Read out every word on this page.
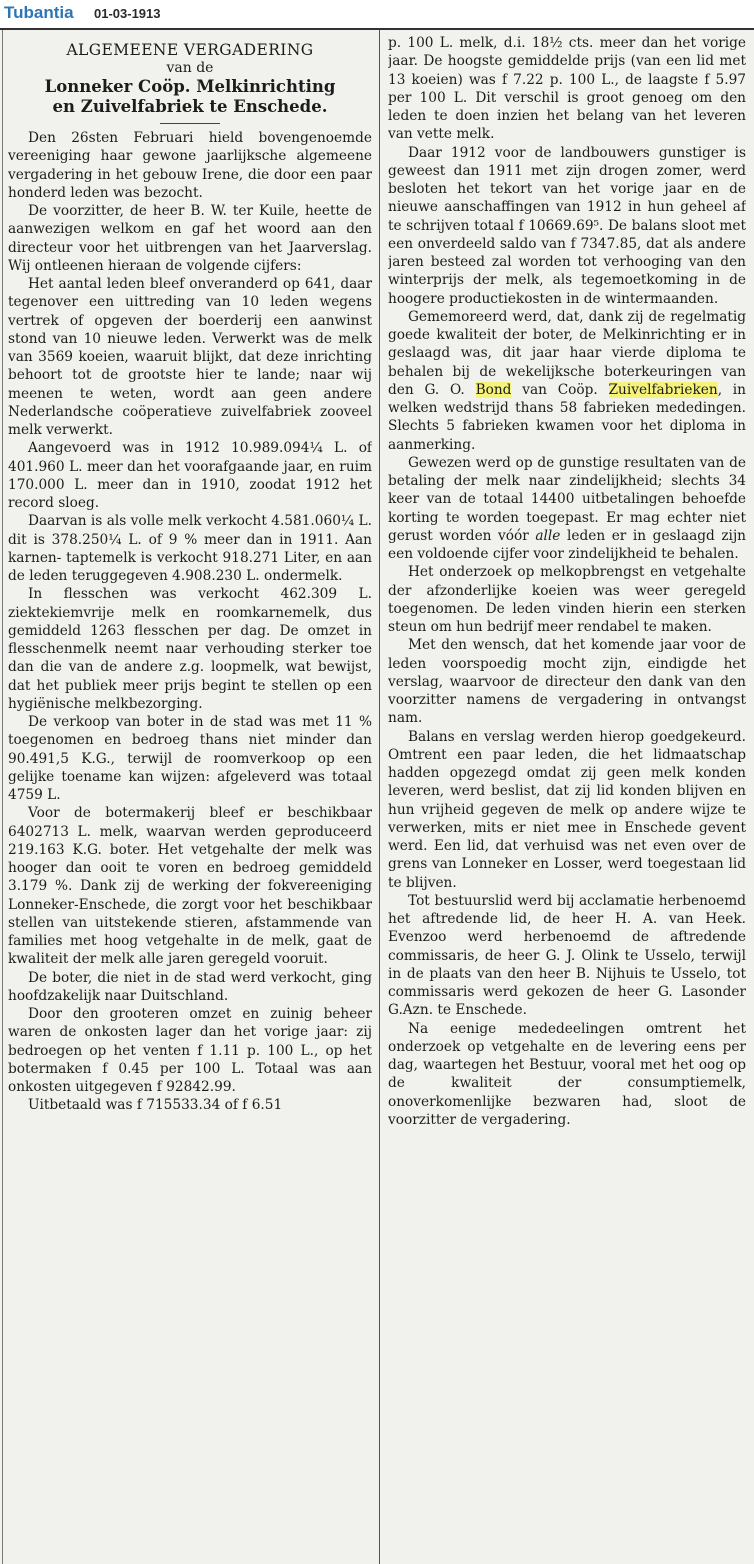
Tubantia 01-03-1913
ALGEMEENE VERGADERING
van de
Lonneker Coöp. Melkinrichting
en Zuivelfabriek te Enschede.

Den 26sten Februari hield bovengenoemde vereeniging haar gewone jaarlijksche algemeene vergadering in het gebouw Irene, die door een paar honderd leden was bezocht.

De voorzitter, de heer B. W. ter Kuile, heette de aanwezigen welkom en gaf het woord aan den directeur voor het uitbrengen van het Jaarverslag. Wij ontleenen hieraan de volgende cijfers:

Het aantal leden bleef onveranderd op 641, daar tegenover een uittreding van 10 leden wegens vertrek of opgeven der boerderij een aanwinst stond van 10 nieuwe leden. Verwerkt was de melk van 3569 koeien, waaruit blijkt, dat deze inrichting behoort tot de grootste hier te lande; naar wij meenen te weten, wordt aan geen andere Nederlandsche coöperatieve zuivelfabriek zooveel melk verwerkt.

Aangevoerd was in 1912 10.989.094¼ L. of 401.960 L. meer dan het voorafgaande jaar, en ruim 170.000 L. meer dan in 1910, zoodat 1912 het record sloeg.

Daarvan is als volle melk verkocht 4.581.060¼ L. dit is 378.250¼ L. of 9 % meer dan in 1911. Aan karnen- taptemelk is verkocht 918.271 Liter, en aan de leden teruggegeven 4.908.230 L. ondermelk.

In flesschen was verkocht 462.309 L. ziektekiemvrije melk en roomkarnemelk, dus gemiddeld 1263 flesschen per dag. De omzet in flesschenmelk neemt naar verhouding sterker toe dan die van de andere z.g. loopmelk, wat bewijst, dat het publiek meer prijs begint te stellen op een hygiënische melkbezorging.

De verkoop van boter in de stad was met 11 % toegenomen en bedroeg thans niet minder dan 90.491,5 K.G., terwijl de roomverkoop op een gelijke toename kan wijzen: afgeleverd was totaal 4759 L.

Voor de botermakerij bleef er beschikbaar 6402713 L. melk, waarvan werden geproduceerd 219.163 K.G. boter. Het vetgehalte der melk was hooger dan ooit te voren en bedroeg gemiddeld 3.179 %. Dank zij de werking der fokvereeniging Lonneker-Enschede, die zorgt voor het beschikbaar stellen van uitstekende stieren, afstammende van families met hoog vetgehalte in de melk, gaat de kwaliteit der melk alle jaren geregeld vooruit.

De boter, die niet in de stad werd verkocht, ging hoofdzakelijk naar Duitschland.

Door den grooteren omzet en zuinig beheer waren de onkosten lager dan het vorige jaar: zij bedroegen op het venten f 1.11 p. 100 L., op het botermaken f 0.45 per 100 L. Totaal was aan onkosten uitgegeven f 92842.99.

Uitbetaald was f 715533.34 of f 6.51

p. 100 L. melk, d.i. 18½ cts. meer dan het vorige jaar. De hoogste gemiddelde prijs (van een lid met 13 koeien) was f 7.22 p. 100 L., de laagste f 5.97 per 100 L. Dit verschil is groot genoeg om den leden te doen inzien het belang van het leveren van vette melk.

Daar 1912 voor de landbouwers gunstiger is geweest dan 1911 met zijn drogen zomer, werd besloten het tekort van het vorige jaar en de nieuwe aanschaffingen van 1912 in hun geheel af te schrijven totaal f 10669.69⁵. De balans sloot met een onverdeeld saldo van f 7347.85, dat als andere jaren besteed zal worden tot verhooging van den winterprijs der melk, als tegemoetkoming in de hoogere productiekosten in de wintermaanden.

Gememoreerd werd, dat, dank zij de regelmatig goede kwaliteit der boter, de Melkinrichting er in geslaagd was, dit jaar haar vierde diploma te behalen bij de wekelijksche boterkeuringen van den G. O. Bond van Coöp. Zuivelfabrieken, in welken wedstrijd thans 58 fabrieken mededingen. Slechts 5 fabrieken kwamen voor het diploma in aanmerking.

Gewezen werd op de gunstige resultaten van de betaling der melk naar zindelijkheid; slechts 34 keer van de totaal 14400 uitbetalingen behoefde korting te worden toegepast. Er mag echter niet gerust worden vóór alle leden er in geslaagd zijn een voldoende cijfer voor zindelijkheid te behalen.

Het onderzoek op melkopbrengst en vetgehalte der afzonderlijke koeien was weer geregeld toegenomen. De leden vinden hierin een sterken steun om hun bedrijf meer rendabel te maken.

Met den wensch, dat het komende jaar voor de leden voorspoedig mocht zijn, eindigde het verslag, waarvoor de directeur den dank van den voorzitter namens de vergadering in ontvangst nam.

Balans en verslag werden hierop goedgekeurd. Omtrent een paar leden, die het lidmaatschap hadden opgezegd omdat zij geen melk konden leveren, werd beslist, dat zij lid konden blijven en hun vrijheid gegeven de melk op andere wijze te verwerken, mits er niet mee in Enschede gevent werd. Een lid, dat verhuisd was net even over de grens van Lonneker en Losser, werd toegestaan lid te blijven.

Tot bestuurslid werd bij acclamatie herbenoemd het aftredende lid, de heer H. A. van Heek. Evenzoo werd herbenoemd de aftredende commissaris, de heer G. J. Olink te Usselo, terwijl in de plaats van den heer B. Nijhuis te Usselo, tot commissaris werd gekozen de heer G. Lasonder G.Azn. te Enschede.

Na eenige mededeelingen omtrent het onderzoek op vetgehalte en de levering eens per dag, waartegen het Bestuur, vooral met het oog op de kwaliteit der consumptiemelk, onoverkomenlijke bezwaren had, sloot de voorzitter de vergadering.
